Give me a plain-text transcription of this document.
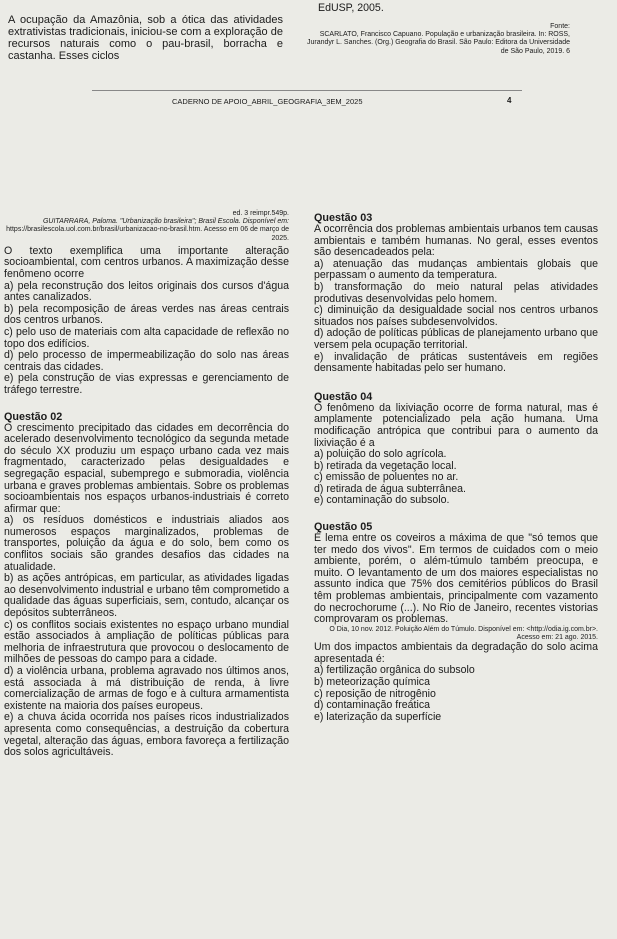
A ocupação da Amazônia, sob a ótica das atividades extrativistas tradicionais, iniciou-se com a exploração de recursos naturais como o pau-brasil, borracha e castanha. Esses ciclos

EdUSP, 2005.
Fonte:
SCARLATO, Francisco Capuano. População e urbanização brasileira. In: ROSS, Jurandyr L. Sanches. (Org.) Geografia do Brasil. São Paulo: Editora da Universidade de São Paulo, 2019. 6
CADERNO DE APOIO_ABRIL_GEOGRAFIA_3EM_2025	4
ed. 3 reimpr.549p.
GUITARRARA, Paloma. "Urbanização brasileira"; Brasil Escola. Disponível em:
https://brasilescola.uol.com.br/brasil/urbanizacao-no-brasil.htm. Acesso em 06 de março de 2025.

O texto exemplifica uma importante alteração socioambiental, com centros urbanos. A maximização desse fenômeno ocorre

a) pela reconstrução dos leitos originais dos cursos d'água antes canalizados.

b) pela recomposição de áreas verdes nas áreas centrais dos centros urbanos.

c) pelo uso de materiais com alta capacidade de reflexão no topo dos edifícios.

d) pelo processo de impermeabilização do solo nas áreas centrais das cidades.

e) pela construção de vias expressas e gerenciamento de tráfego terrestre.

Questão 02

O crescimento precipitado das cidades em decorrência do acelerado desenvolvimento tecnológico da segunda metade do século XX produziu um espaço urbano cada vez mais fragmentado, caracterizado pelas desigualdades e segregação espacial, subemprego e submoradia, violência urbana e graves problemas ambientais. Sobre os problemas socioambientais nos espaços urbanos-industriais é correto afirmar que:

a) os resíduos domésticos e industriais aliados aos numerosos espaços marginalizados, problemas de transportes, poluição da água e do solo, bem como os conflitos sociais são grandes desafios das cidades na atualidade.

b) as ações antrópicas, em particular, as atividades ligadas ao desenvolvimento industrial e urbano têm comprometido a qualidade das águas superficiais, sem, contudo, alcançar os depósitos subterrâneos.

c) os conflitos sociais existentes no espaço urbano mundial estão associados à ampliação de políticas públicas para melhoria de infraestrutura que provocou o deslocamento de milhões de pessoas do campo para a cidade.

d) a violência urbana, problema agravado nos últimos anos, está associada à má distribuição de renda, à livre comercialização de armas de fogo e à cultura armamentista existente na maioria dos países europeus.

e) a chuva ácida ocorrida nos países ricos industrializados apresenta como consequências, a destruição da cobertura vegetal, alteração das águas, embora favoreça a fertilização dos solos agricultáveis.

Questão 03

A ocorrência dos problemas ambientais urbanos tem causas ambientais e também humanas. No geral, esses eventos são desencadeados pela:

a) atenuação das mudanças ambientais globais que perpassam o aumento da temperatura.

b) transformação do meio natural pelas atividades produtivas desenvolvidas pelo homem.

c) diminuição da desigualdade social nos centros urbanos situados nos países subdesenvolvidos.

d) adoção de políticas públicas de planejamento urbano que versem pela ocupação territorial.

e) invalidação de práticas sustentáveis em regiões densamente habitadas pelo ser humano.

Questão 04

O fenômeno da lixiviação ocorre de forma natural, mas é amplamente potencializado pela ação humana. Uma modificação antrópica que contribui para o aumento da lixiviação é a

a) poluição do solo agrícola.

b) retirada da vegetação local.

c) emissão de poluentes no ar.

d) retirada de água subterrânea.

e) contaminação do subsolo.

Questão 05

É lema entre os coveiros a máxima de que "só temos que ter medo dos vivos". Em termos de cuidados com o meio ambiente, porém, o além-túmulo também preocupa, e muito. O levantamento de um dos maiores especialistas no assunto indica que 75% dos cemitérios públicos do Brasil têm problemas ambientais, principalmente com vazamento do necrochorume (...). No Rio de Janeiro, recentes vistorias comprovaram os problemas.

O Dia, 10 nov. 2012. Poluição Além do Túmulo. Disponível em: <http://odia.ig.com.br>. Acesso em: 21 ago. 2015.

Um dos impactos ambientais da degradação do solo acima apresentada é:

a) fertilização orgânica do subsolo

b) meteorização química

c) reposição de nitrogênio

d) contaminação freática

e) laterização da superfície
